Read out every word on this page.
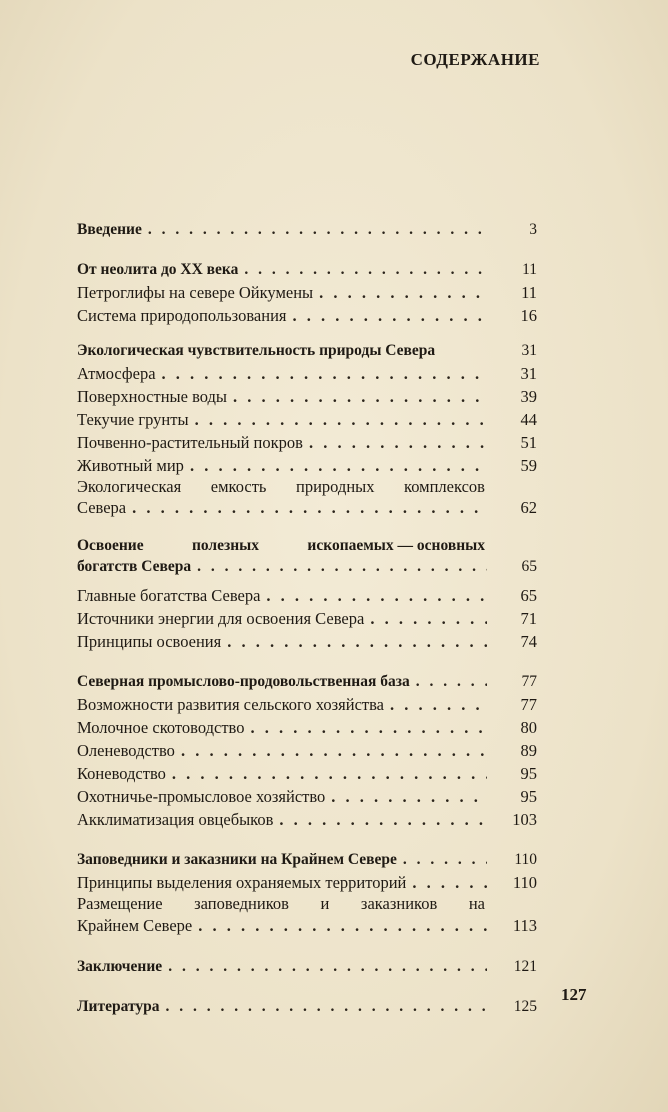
СОДЕРЖАНИЕ
Введение . . .	3
От неолита до XX века . . .	11
Петроглифы на севере Ойкумены . . .	11
Система природопользования . . .	16
Экологическая чувствительность природы Севера	31
Атмосфера . . .	31
Поверхностные воды . . .	39
Текучие грунты . . .	44
Почвенно-растительный покров . . .	51
Животный мир . . .	59
Экологическая емкость природных комплексов
Севера . . .	62
Освоение	полезных	ископаемых — основных
богатств Севера . . .	65
Главные богатства Севера . . .	65
Источники энергии для освоения Севера . . .	71
Принципы освоения . . .	74
Северная промыслово-продовольственная база . . .	77
Возможности развития сельского хозяйства . . .	77
Молочное скотоводство . . .	80
Оленеводство . . .	89
Коневодство . . .	95
Охотничье-промысловое хозяйство . . .	95
Акклиматизация овцебыков . . .	103
Заповедники и заказники на Крайнем Севере . . .	110
Принципы выделения охраняемых территорий . . .	110
Размещение заповедников и заказников на
Крайнем Севере . . .	113
Заключение . . .	121
Литература . . .	125
127
